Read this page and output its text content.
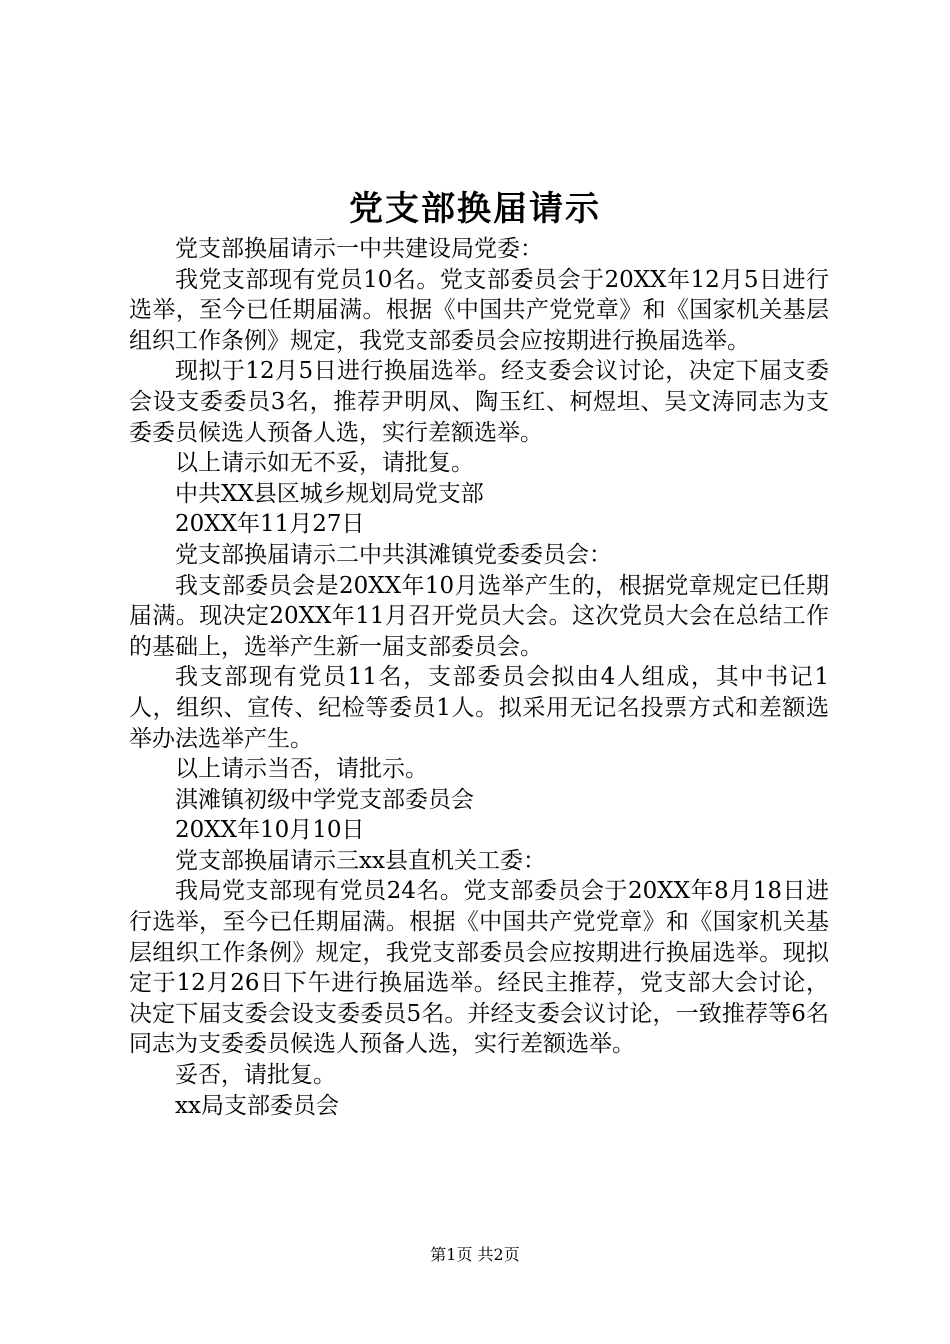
党支部换届请示

党支部换届请示一中共建设局党委：

我党支部现有党员10名。党支部委员会于20XX年12月5日进行选举，至今已任期届满。根据《中国共产党党章》和《国家机关基层组织工作条例》规定，我党支部委员会应按期进行换届选举。

现拟于12月5日进行换届选举。经支委会议讨论，决定下届支委会设支委委员3名，推荐尹明凤、陶玉红、柯煜坦、吴文涛同志为支委委员候选人预备人选，实行差额选举。

以上请示如无不妥，请批复。

中共XX县区城乡规划局党支部

20XX年11月27日

党支部换届请示二中共淇滩镇党委委员会：

我支部委员会是20XX年10月选举产生的，根据党章规定已任期届满。现决定20XX年11月召开党员大会。这次党员大会在总结工作的基础上，选举产生新一届支部委员会。

我支部现有党员11名，支部委员会拟由4人组成，其中书记1人，组织、宣传、纪检等委员1人。拟采用无记名投票方式和差额选举办法选举产生。

以上请示当否，请批示。

淇滩镇初级中学党支部委员会

20XX年10月10日

党支部换届请示三xx县直机关工委：

我局党支部现有党员24名。党支部委员会于20XX年8月18日进行选举，至今已任期届满。根据《中国共产党党章》和《国家机关基层组织工作条例》规定，我党支部委员会应按期进行换届选举。现拟定于12月26日下午进行换届选举。经民主推荐，党支部大会讨论，决定下届支委会设支委委员5名。并经支委会议讨论，一致推荐等6名同志为支委委员候选人预备人选，实行差额选举。

妥否，请批复。

xx局支部委员会

第1页 共2页
